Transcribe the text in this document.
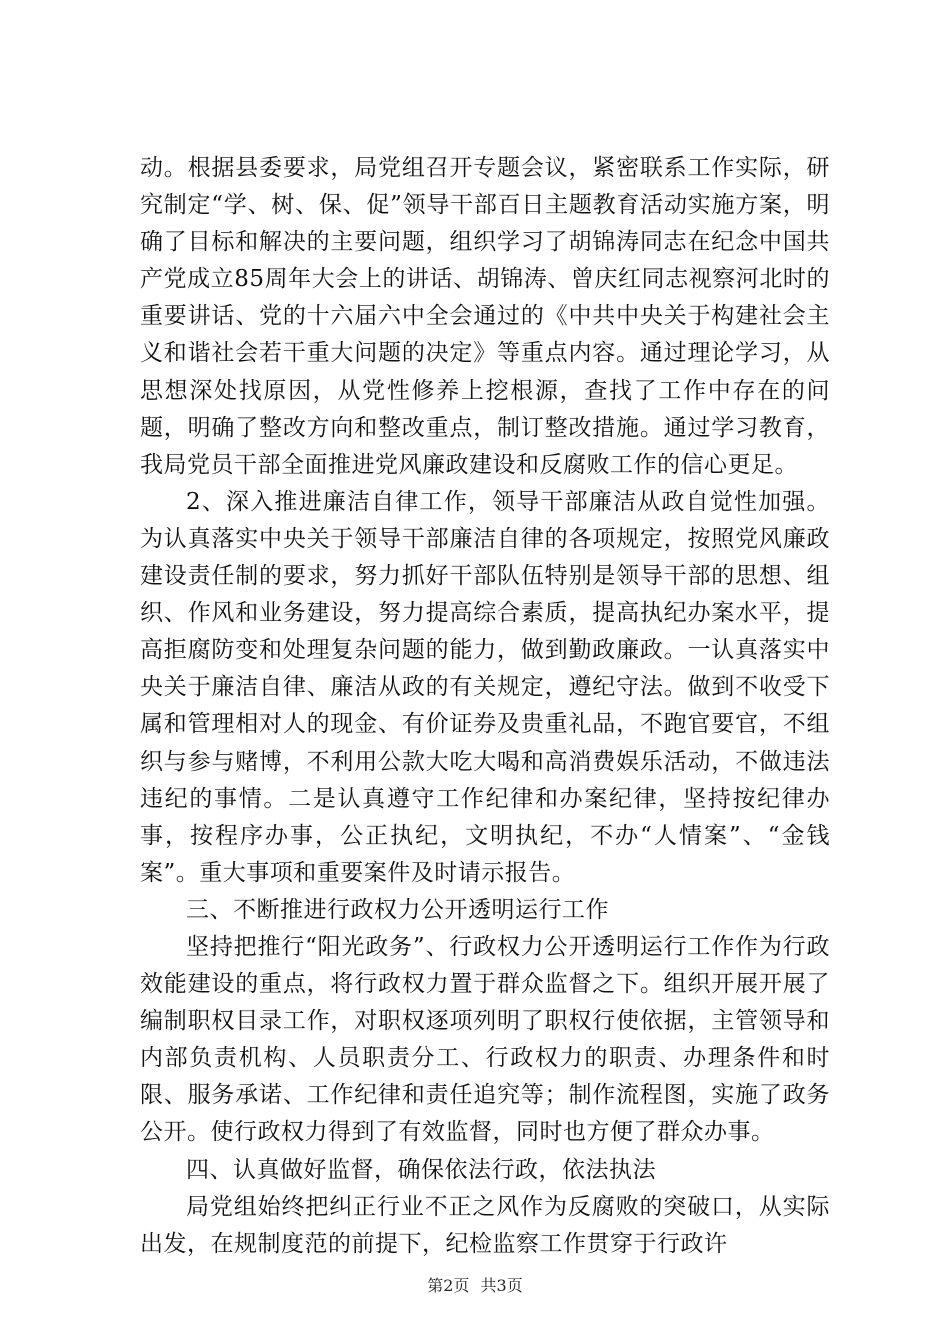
动。根据县委要求，局党组召开专题会议，紧密联系工作实际，研究制定“学、树、保、促”领导干部百日主题教育活动实施方案，明确了目标和解决的主要问题，组织学习了胡锦涛同志在纪念中国共产党成立85周年大会上的讲话、胡锦涛、曾庆红同志视察河北时的重要讲话、党的十六届六中全会通过的《中共中央关于构建社会主义和谐社会若干重大问题的决定》等重点内容。通过理论学习，从思想深处找原因，从党性修养上挖根源，查找了工作中存在的问题，明确了整改方向和整改重点，制订整改措施。通过学习教育，我局党员干部全面推进党风廉政建设和反腐败工作的信心更足。

2、深入推进廉洁自律工作，领导干部廉洁从政自觉性加强。为认真落实中央关于领导干部廉洁自律的各项规定，按照党风廉政建设责任制的要求，努力抓好干部队伍特别是领导干部的思想、组织、作风和业务建设，努力提高综合素质，提高执纪办案水平，提高拒腐防变和处理复杂问题的能力，做到勤政廉政。一认真落实中央关于廉洁自律、廉洁从政的有关规定，遵纪守法。做到不收受下属和管理相对人的现金、有价证券及贵重礼品，不跑官要官，不组织与参与赌博，不利用公款大吃大喝和高消费娱乐活动，不做违法违纪的事情。二是认真遵守工作纪律和办案纪律，坚持按纪律办事，按程序办事，公正执纪，文明执纪，不办“人情案”、“金钱案”。重大事项和重要案件及时请示报告。

三、不断推进行政权力公开透明运行工作

坚持把推行“阳光政务”、行政权力公开透明运行工作作为行政效能建设的重点，将行政权力置于群众监督之下。组织开展开展了编制职权目录工作，对职权逐项列明了职权行使依据，主管领导和内部负责机构、人员职责分工、行政权力的职责、办理条件和时限、服务承诺、工作纪律和责任追究等；制作流程图，实施了政务公开。使行政权力得到了有效监督，同时也方便了群众办事。

四、认真做好监督，确保依法行政，依法执法

局党组始终把纠正行业不正之风作为反腐败的突破口，从实际出发，在规制度范的前提下，纪检监察工作贯穿于行政许

第2页 共3页
